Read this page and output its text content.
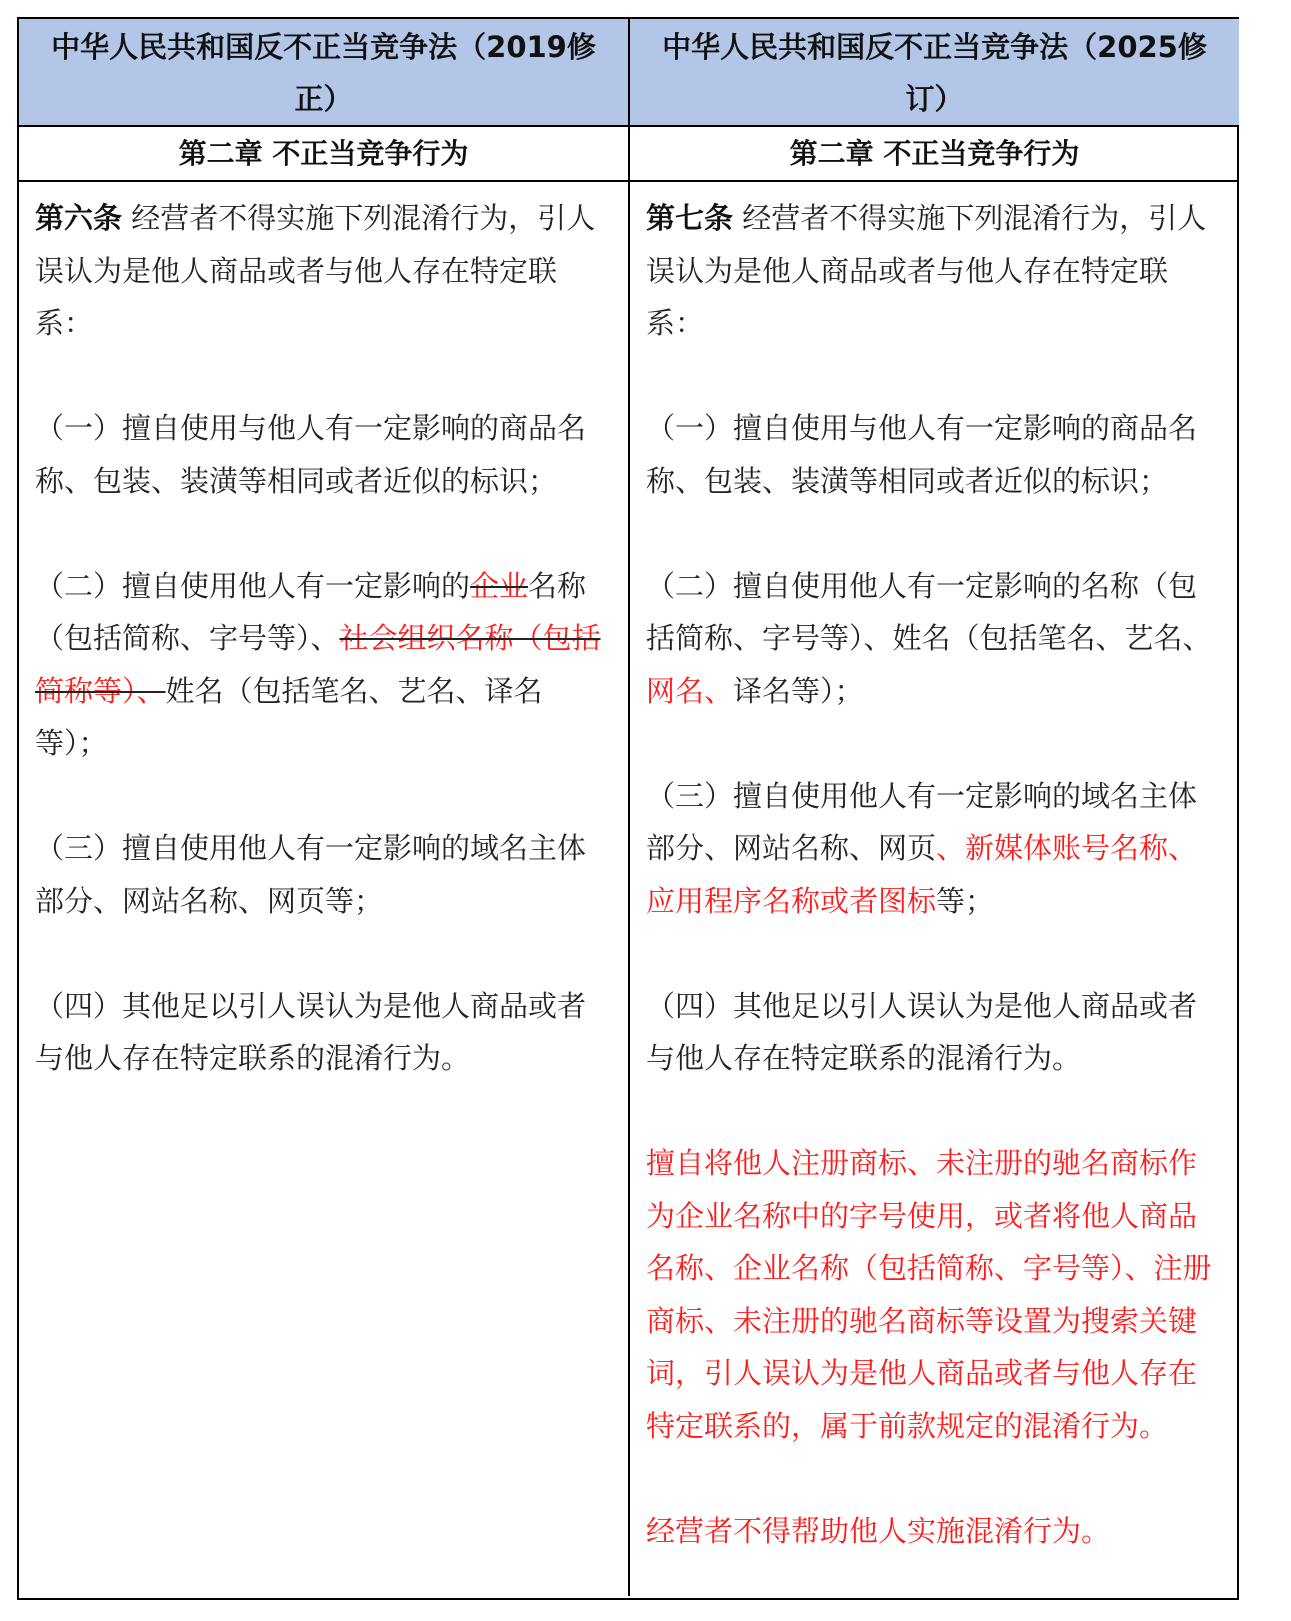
中华人民共和国反不正当竞争法（2019修正）
中华人民共和国反不正当竞争法（2025修订）
第二章 不正当竞争行为	第二章 不正当竞争行为

第六条 经营者不得实施下列混淆行为，引人误认为是他人商品或者与他人存在特定联系：

（一）擅自使用与他人有一定影响的商品名称、包装、装潢等相同或者近似的标识；

（二）擅自使用他人有一定影响的企业名称（包括简称、字号等）、社会组织名称（包括简称等）、姓名（包括笔名、艺名、译名等）；

（三）擅自使用他人有一定影响的域名主体部分、网站名称、网页等；

（四）其他足以引人误认为是他人商品或者与他人存在特定联系的混淆行为。

第七条 经营者不得实施下列混淆行为，引人误认为是他人商品或者与他人存在特定联系：

（一）擅自使用与他人有一定影响的商品名称、包装、装潢等相同或者近似的标识；

（二）擅自使用他人有一定影响的名称（包括简称、字号等）、姓名（包括笔名、艺名、网名、译名等）；

（三）擅自使用他人有一定影响的域名主体部分、网站名称、网页、新媒体账号名称、应用程序名称或者图标等；

（四）其他足以引人误认为是他人商品或者与他人存在特定联系的混淆行为。

擅自将他人注册商标、未注册的驰名商标作为企业名称中的字号使用，或者将他人商品名称、企业名称（包括简称、字号等）、注册商标、未注册的驰名商标等设置为搜索关键词，引人误认为是他人商品或者与他人存在特定联系的，属于前款规定的混淆行为。

经营者不得帮助他人实施混淆行为。
